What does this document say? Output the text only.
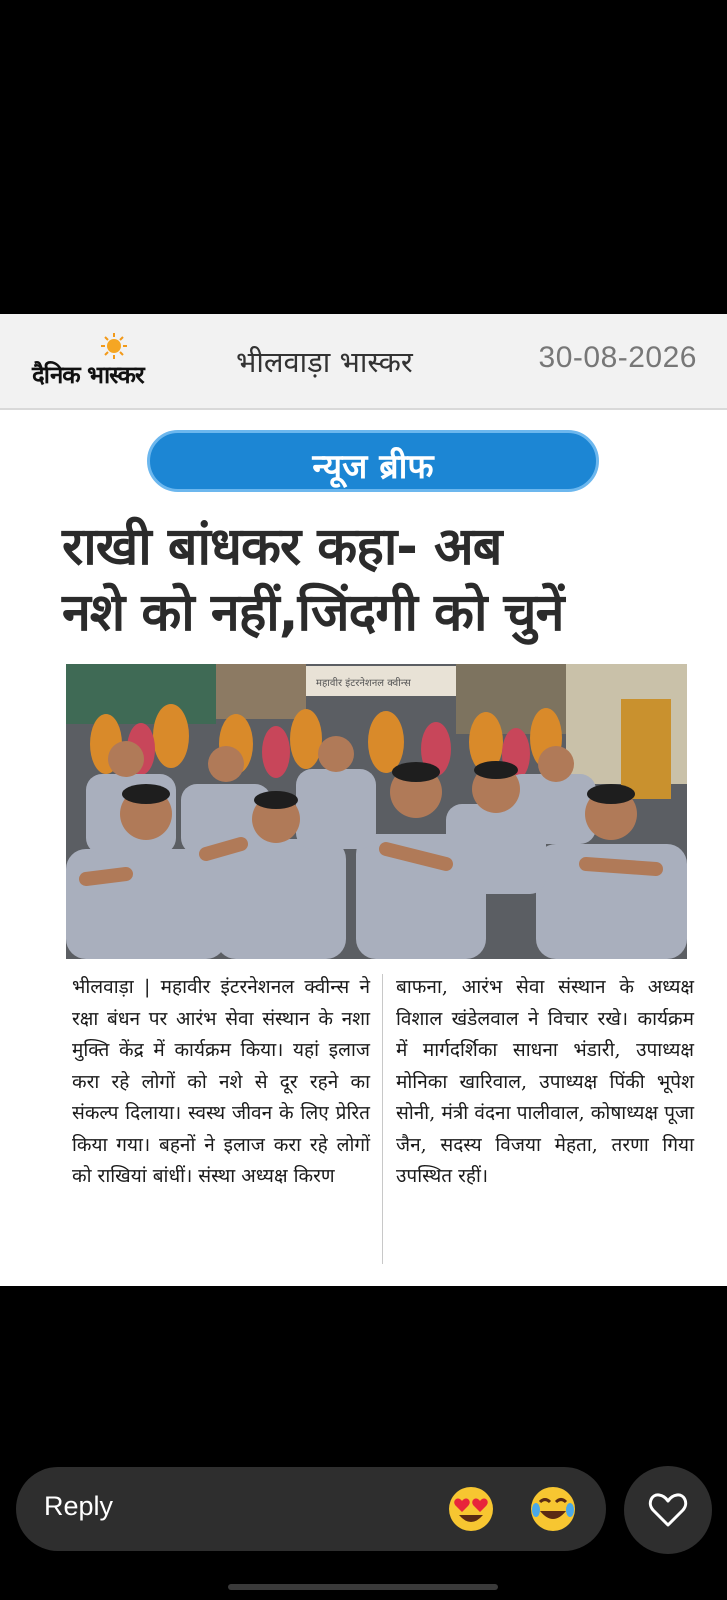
दैनिक भास्कर	भीलवाड़ा भास्कर	30-08-2026
न्यूज ब्रीफ
राखी बांधकर कहा- अब
नशे को नहीं,जिंदगी को चुनें
महावीर इंटरनेशनल क्वीन्स
भीलवाड़ा | महावीर इंटरनेशनल क्वीन्स ने रक्षा बंधन पर आरंभ सेवा संस्थान के नशा मुक्ति केंद्र में कार्यक्रम किया। यहां इलाज करा रहे लोगों को नशे से दूर रहने का संकल्प दिलाया। स्वस्थ जीवन के लिए प्रेरित किया गया। बहनों ने इलाज करा रहे लोगों को राखियां बांधीं। संस्था अध्यक्ष किरण
बाफना, आरंभ सेवा संस्थान के अध्यक्ष विशाल खंडेलवाल ने विचार रखे। कार्यक्रम में मार्गदर्शिका साधना भंडारी, उपाध्यक्ष मोनिका खारिवाल, उपाध्यक्ष पिंकी भूपेश सोनी, मंत्री वंदना पालीवाल, कोषाध्यक्ष पूजा जैन, सदस्य विजया मेहता, तरणा गिया उपस्थित रहीं।
Reply
